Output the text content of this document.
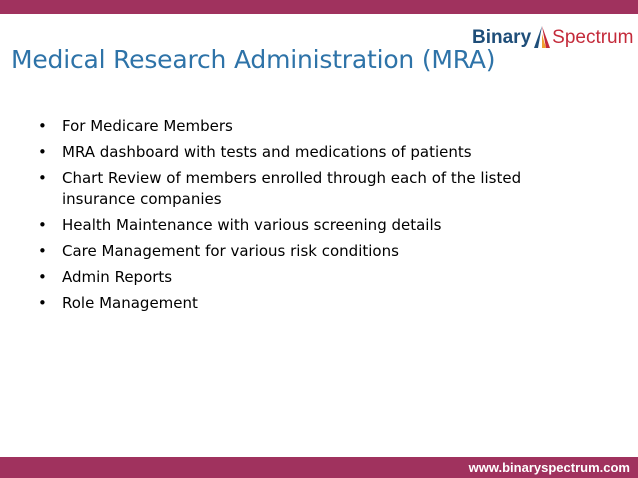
Binary Spectrum
Medical Research Administration (MRA)
• For Medicare Members
• MRA dashboard with tests and medications of patients
• Chart Review of members enrolled through each of the listed insurance companies
• Health Maintenance with various screening details
• Care Management for various risk conditions
• Admin Reports
• Role Management
www.binaryspectrum.com
